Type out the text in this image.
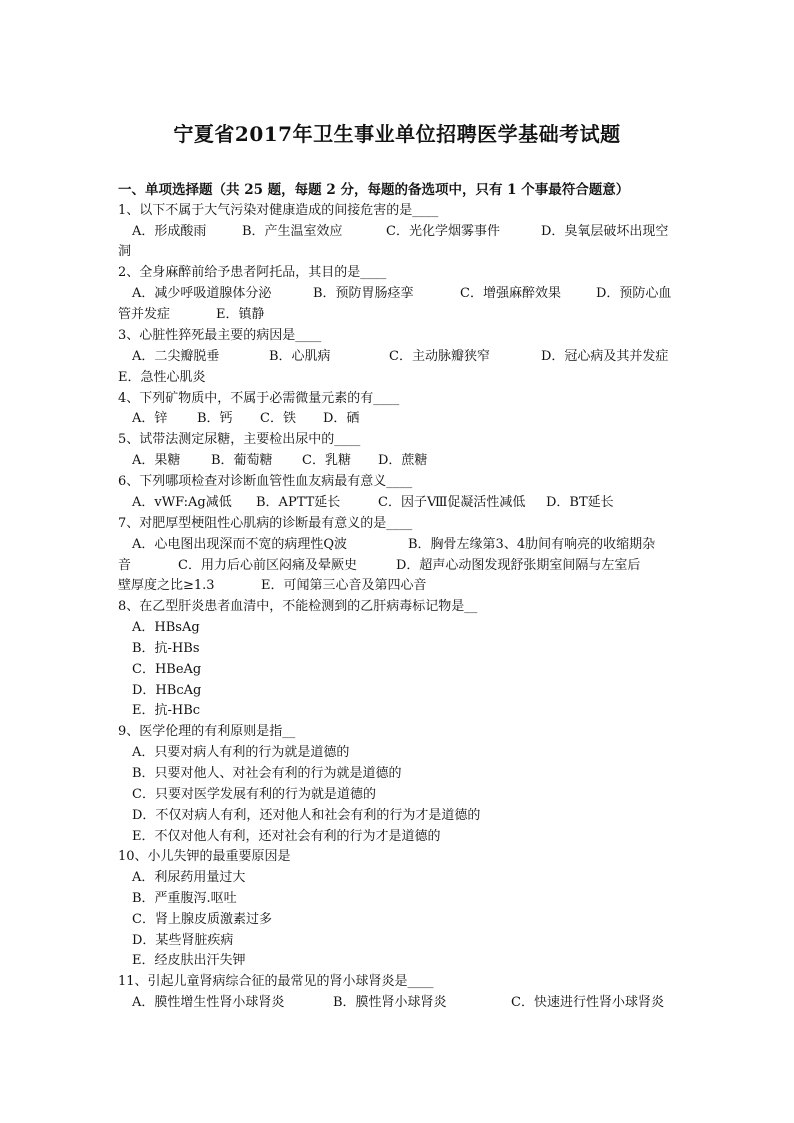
宁夏省2017年卫生事业单位招聘医学基础考试题
一、单项选择题（共 25 题，每题 2 分，每题的备选项中，只有 1 个事最符合题意）
1、以下不属于大气污染对健康造成的间接危害的是____
A．形成酸雨	B．产生温室效应	C．光化学烟雾事件	D．臭氧层破坏出现空
洞
2、全身麻醉前给予患者阿托品，其目的是____
A．减少呼吸道腺体分泌	B．预防胃肠痉挛	C．增强麻醉效果	D．预防心血
管并发症	E．镇静
3、心脏性猝死最主要的病因是____
A．二尖瓣脱垂	B．心肌病	C．主动脉瓣狭窄	D．冠心病及其并发症
E．急性心肌炎
4、下列矿物质中，不属于必需微量元素的有____
A．锌 B．钙 C．铁 D．硒
5、试带法测定尿糖，主要检出尿中的____
A．果糖 B．葡萄糖 C．乳糖 D．蔗糖
6、下列哪项检查对诊断血管性血友病最有意义____
A．vWF:Ag减低 B．APTT延长	C．因子Ⅷ促凝活性减低 D．BT延长
7、对肥厚型梗阻性心肌病的诊断最有意义的是____
A．心电图出现深而不宽的病理性Q波	B．胸骨左缘第3、4肋间有响亮的收缩期杂
音	C．用力后心前区闷痛及晕厥史	D．超声心动图发现舒张期室间隔与左室后
壁厚度之比≥1.3	E．可闻第三心音及第四心音
8、在乙型肝炎患者血清中，不能检测到的乙肝病毒标记物是__
A．HBsAg
B．抗-HBs
C．HBeAg
D．HBcAg
E．抗-HBc
9、医学伦理的有利原则是指__
A．只要对病人有利的行为就是道德的
B．只要对他人、对社会有利的行为就是道德的
C．只要对医学发展有利的行为就是道德的
D．不仅对病人有利，还对他人和社会有利的行为才是道德的
E．不仅对他人有利，还对社会有利的行为才是道德的
10、小儿失钾的最重要原因是
A．利尿药用量过大
B．严重腹泻.呕吐
C．肾上腺皮质激素过多
D．某些肾脏疾病
E．经皮肤出汗失钾
11、引起儿童肾病综合征的最常见的肾小球肾炎是____
A．膜性增生性肾小球肾炎	B．膜性肾小球肾炎	C．快速进行性肾小球肾炎
